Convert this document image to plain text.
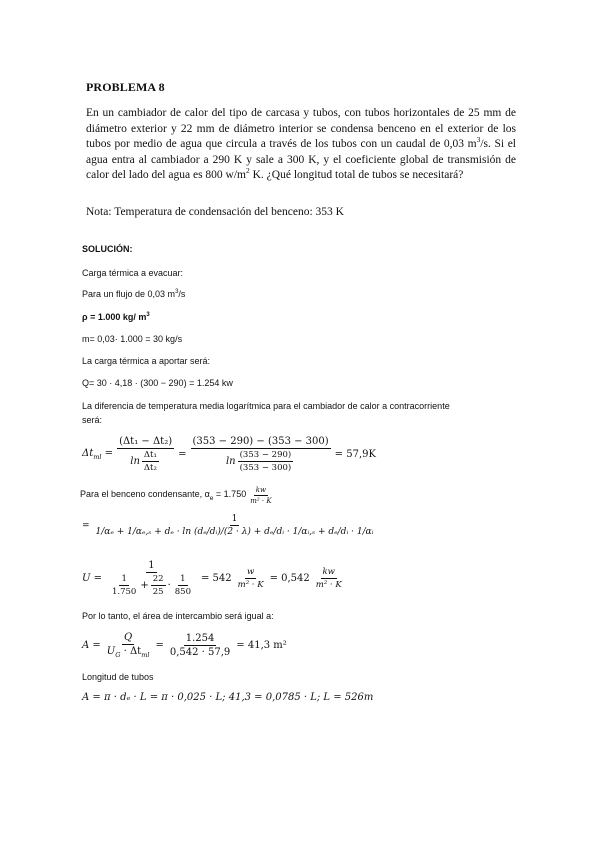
PROBLEMA 8
En un cambiador de calor del tipo de carcasa y tubos, con tubos horizontales de 25 mm de diámetro exterior y 22 mm de diámetro interior se condensa benceno en el exterior de los tubos por medio de agua que circula a través de los tubos con un caudal de 0,03 $m^3/s$. Si el agua entra al cambiador a 290 K y sale a 300 K, y el coeficiente global de transmisión de calor del lado del agua es 800 $w/m^2$ K. ¿Qué longitud total de tubos se necesitará?
Nota: Temperatura de condensación del benceno: 353 K
SOLUCIÓN:
Carga térmica a evacuar:
Para un flujo de 0,03 $m^3/s$
ρ = 1.000 kg/ $m^3$
m= 0,03· 1.000 = 30 kg/s
La carga térmica a aportar será:
Q= 30 · 4,18 · (300 − 290) = 1.254 kw
La diferencia de temperatura media logarítmica para el cambiador de calor a contracorriente
será:
$\Delta t_{ml} = \frac{\text{(Δt₁ − Δt₂)}}{\ln \frac{\text{Δt₁}}{\text{Δt₂}}} = \frac{(353 - 290) - (353 - 300)}{\ln \frac{(353 - 290)}{(353 - 300)}} = 57,9K$
Para el benceno condensante, $\alpha_e = 1.750 \frac{kw}{\text{m² · K}}$
=
1
1/αₑ + 1/αₑ,ₛ + dₑ · ln (dₑ/dᵢ)/(2 · λ) + dₑ/dᵢ · 1/αᵢ,ₛ + dₑ/dᵢ · 1/αᵢ
$U = \frac{1}{\frac{1}{1.750} + \frac{22}{25} \cdot \frac{1}{850}} = 542 \frac{w}{\text{m² · K}} = 0,542 \frac{kw}{\text{m² · K}}$
Por lo tanto, el área de intercambio será igual a:
$A = \frac{Q}{U_G \cdot \Delta t_{ml}} = \frac{1.254}{0,542 \cdot 57,9} = 41,3$ m²
Longitud de tubos
A = π · dₑ · L = π · 0,025 · L; 41,3 = 0,0785 · L; L = 526m
